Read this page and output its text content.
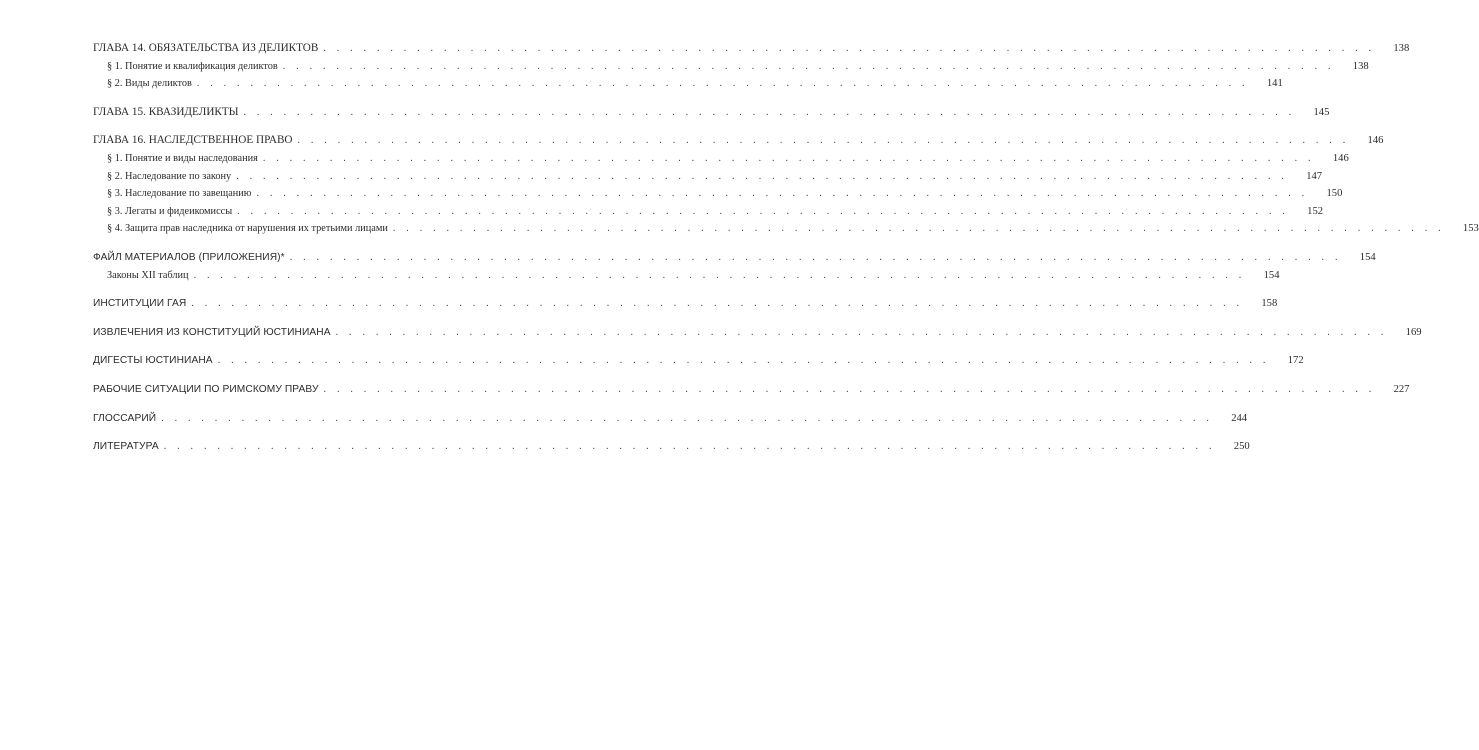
ГЛАВА 14. ОБЯЗАТЕЛЬСТВА ИЗ ДЕЛИКТОВ . . . . . . . . . . . . . . . . . . . . . . . . . . . . . . . . . . . . . . . . . . . . . . . . . . . . . . . . . . . . . . . . . . . . . . . . . . . . . . .	138
§ 1. Понятие и квалификация деликтов . . . . . . . . . . . . . . . . . . . . . . . . . . . . . . . . . . . . . . . . . . . . . . . . . . . . . . . . . . . . . . . . . . . . . . . . . . . . . . .	138
§ 2. Виды деликтов . . . . . . . . . . . . . . . . . . . . . . . . . . . . . . . . . . . . . . . . . . . . . . . . . . . . . . . . . . . . . . . . . . . . . . . . . . . . . . .	141
ГЛАВА 15. КВАЗИДЕЛИКТЫ . . . . . . . . . . . . . . . . . . . . . . . . . . . . . . . . . . . . . . . . . . . . . . . . . . . . . . . . . . . . . . . . . . . . . . . . . . . . . . .	145
ГЛАВА 16. НАСЛЕДСТВЕННОЕ ПРАВО . . . . . . . . . . . . . . . . . . . . . . . . . . . . . . . . . . . . . . . . . . . . . . . . . . . . . . . . . . . . . . . . . . . . . . . . . . . . . . .	146
§ 1. Понятие и виды наследования . . . . . . . . . . . . . . . . . . . . . . . . . . . . . . . . . . . . . . . . . . . . . . . . . . . . . . . . . . . . . . . . . . . . . . . . . . . . . . .	146
§ 2. Наследование по закону . . . . . . . . . . . . . . . . . . . . . . . . . . . . . . . . . . . . . . . . . . . . . . . . . . . . . . . . . . . . . . . . . . . . . . . . . . . . . . .	147
§ 3. Наследование по завещанию . . . . . . . . . . . . . . . . . . . . . . . . . . . . . . . . . . . . . . . . . . . . . . . . . . . . . . . . . . . . . . . . . . . . . . . . . . . . . . .	150
§ 3. Легаты и фидеикомиссы . . . . . . . . . . . . . . . . . . . . . . . . . . . . . . . . . . . . . . . . . . . . . . . . . . . . . . . . . . . . . . . . . . . . . . . . . . . . . . .	152
§ 4. Защита прав наследника от нарушения их третьими лицами . . . . . . . . . . . . . . . . . . . . . . . . . . . . . . . . . . . . . . . . . . . . . . . . . . . . . . . . . . . . . . . . . . . . . . . . . . . . . . .	153
ФАЙЛ МАТЕРИАЛОВ (ПРИЛОЖЕНИЯ)* . . . . . . . . . . . . . . . . . . . . . . . . . . . . . . . . . . . . . . . . . . . . . . . . . . . . . . . . . . . . . . . . . . . . . . . . . . . . . . .	154
Законы XII таблиц . . . . . . . . . . . . . . . . . . . . . . . . . . . . . . . . . . . . . . . . . . . . . . . . . . . . . . . . . . . . . . . . . . . . . . . . . . . . . . .	154
ИНСТИТУЦИИ ГАЯ . . . . . . . . . . . . . . . . . . . . . . . . . . . . . . . . . . . . . . . . . . . . . . . . . . . . . . . . . . . . . . . . . . . . . . . . . . . . . . .	158
ИЗВЛЕЧЕНИЯ ИЗ КОНСТИТУЦИЙ ЮСТИНИАНА . . . . . . . . . . . . . . . . . . . . . . . . . . . . . . . . . . . . . . . . . . . . . . . . . . . . . . . . . . . . . . . . . . . . . . . . . . . . . . .	169
ДИГЕСТЫ ЮСТИНИАНА . . . . . . . . . . . . . . . . . . . . . . . . . . . . . . . . . . . . . . . . . . . . . . . . . . . . . . . . . . . . . . . . . . . . . . . . . . . . . . .	172
РАБОЧИЕ СИТУАЦИИ ПО РИМСКОМУ ПРАВУ . . . . . . . . . . . . . . . . . . . . . . . . . . . . . . . . . . . . . . . . . . . . . . . . . . . . . . . . . . . . . . . . . . . . . . . . . . . . . . .	227
ГЛОССАРИЙ . . . . . . . . . . . . . . . . . . . . . . . . . . . . . . . . . . . . . . . . . . . . . . . . . . . . . . . . . . . . . . . . . . . . . . . . . . . . . . .	244
ЛИТЕРАТУРА . . . . . . . . . . . . . . . . . . . . . . . . . . . . . . . . . . . . . . . . . . . . . . . . . . . . . . . . . . . . . . . . . . . . . . . . . . . . . . .	250
